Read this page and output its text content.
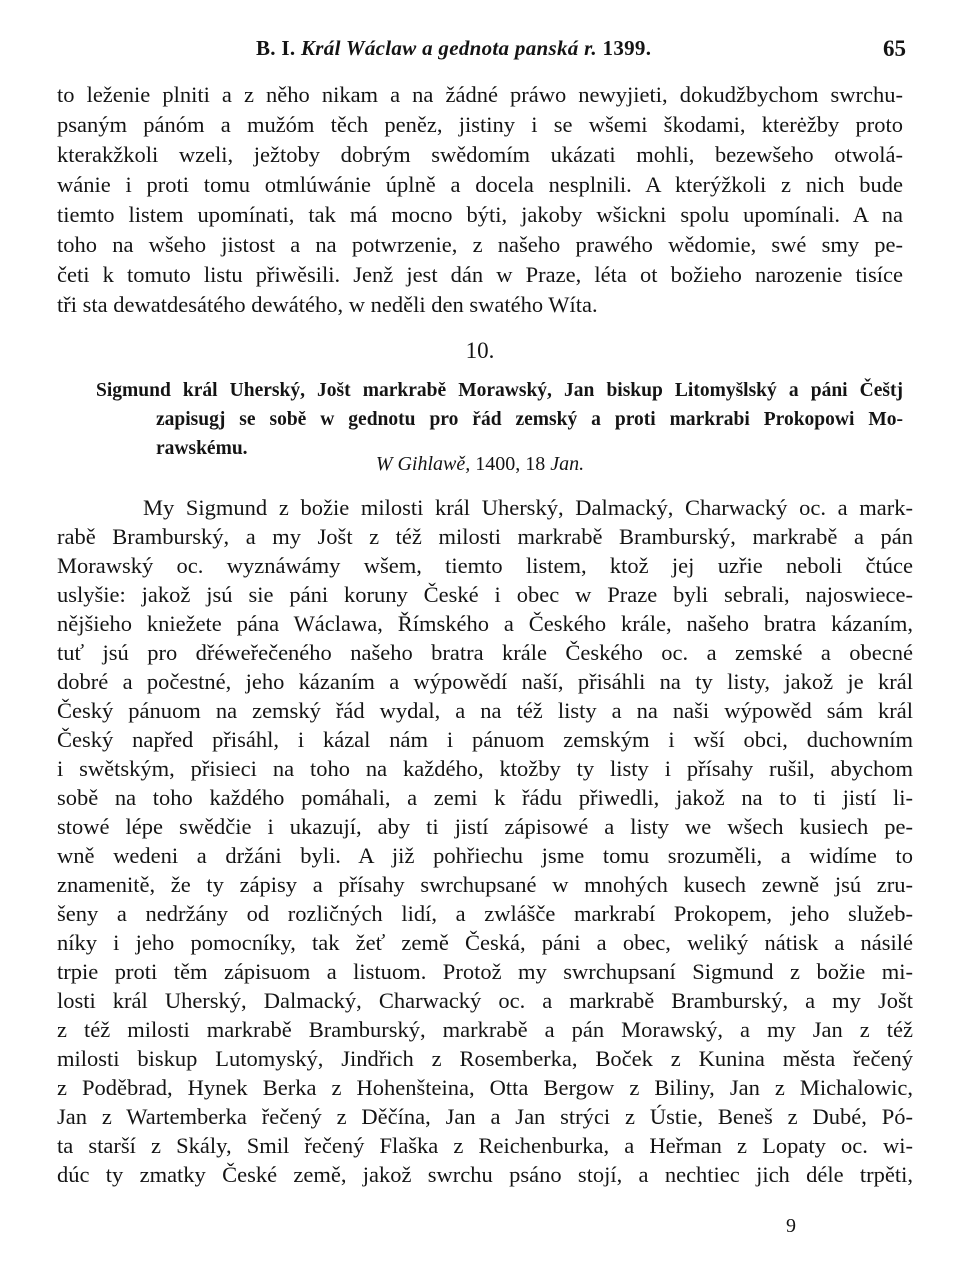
B. I. Král Wáclaw a gednota panská r. 1399.	65
to leženie plniti a z něho nikam a na žádné práwo newyjieti, dokudžbychom swrchu-
psaným pánóm a mužóm těch peněz, jistiny i se wšemi škodami, kterėžby proto
kterakžkoli wzeli, ježtoby dobrým swědomím ukázati mohli, bezewšeho otwolá-
wánie i proti tomu otmlúwánie úplně a docela nesplnili. A kterýžkoli z nich bude
tiemto listem upomínati, tak má mocno býti, jakoby wšickni spolu upomínali. A na
toho na wšeho jistost a na potwrzenie, z našeho prawého wědomie, swé smy pe-
četi k tomuto listu přiwěsili. Jenž jest dán w Praze, léta ot božieho narozenie tisíce
tři sta dewatdesátého dewátého, w neděli den swatého Wíta.
10.
Sigmund král Uherský, Jošt markrabě Morawský, Jan biskup Litomyšlský a páni Češtj
zapisugj se sobě w gednotu pro řád zemský a proti markrabi Prokopowi Mo-
rawskému.
W Gihlawě, 1400, 18 Jan.
My Sigmund z božie milosti král Uherský, Dalmacký, Charwacký oc. a mark-
rabě Bramburský, a my Jošt z též milosti markrabě Bramburský, markrabě a pán
Morawský oc. wyznáwámy wšem, tiemto listem, ktož jej uzřie neboli čtúce
uslyšie: jakož jsú sie páni koruny České i obec w Praze byli sebrali, najoswiece-
nějšieho kniežete pána Wáclawa, Římského a Českého krále, našeho bratra kázaním,
tuť jsú pro dřéweřečeného našeho bratra krále Českého oc. a zemské a obecné
dobré a počestné, jeho kázaním a wýpowědí naší, přisáhli na ty listy, jakož je král
Český pánuom na zemský řád wydal, a na též listy a na naši wýpowěd sám král
Český napřed přisáhl, i kázal nám i pánuom zemským i wší obci, duchowním
i swětským, přisieci na toho na každého, ktožby ty listy i přísahy rušil, abychom
sobě na toho každého pomáhali, a zemi k řádu přiwedli, jakož na to ti jistí li-
stowé lépe swědčie i ukazují, aby ti jistí zápisowé a listy we wšech kusiech pe-
wně wedeni a držáni byli. A již pohřiechu jsme tomu srozuměli, a widíme to
znamenitě, že ty zápisy a přísahy swrchupsané w mnohých kusech zewně jsú zru-
šeny a nedržány od rozličných lidí, a zwlášče markrabí Prokopem, jeho služeb-
níky i jeho pomocníky, tak žeť země Česká, páni a obec, weliký nátisk a násilé
trpie proti těm zápisuom a listuom. Protož my swrchupsaní Sigmund z božie mi-
losti král Uherský, Dalmacký, Charwacký oc. a markrabě Bramburský, a my Jošt
z též milosti markrabě Bramburský, markrabě a pán Morawský, a my Jan z též
milosti biskup Lutomyský, Jindřich z Rosemberka, Boček z Kunina města řečený
z Poděbrad, Hynek Berka z Hohenšteina, Otta Bergow z Biliny, Jan z Michalowic,
Jan z Wartemberka řečený z Děčína, Jan a Jan strýci z Ústie, Beneš z Dubé, Pó-
ta starší z Skály, Smil řečený Flaška z Reichenburka, a Heřman z Lopaty oc. wi-
dúc ty zmatky České země, jakož swrchu psáno stojí, a nechtiec jich déle trpěti,
9
